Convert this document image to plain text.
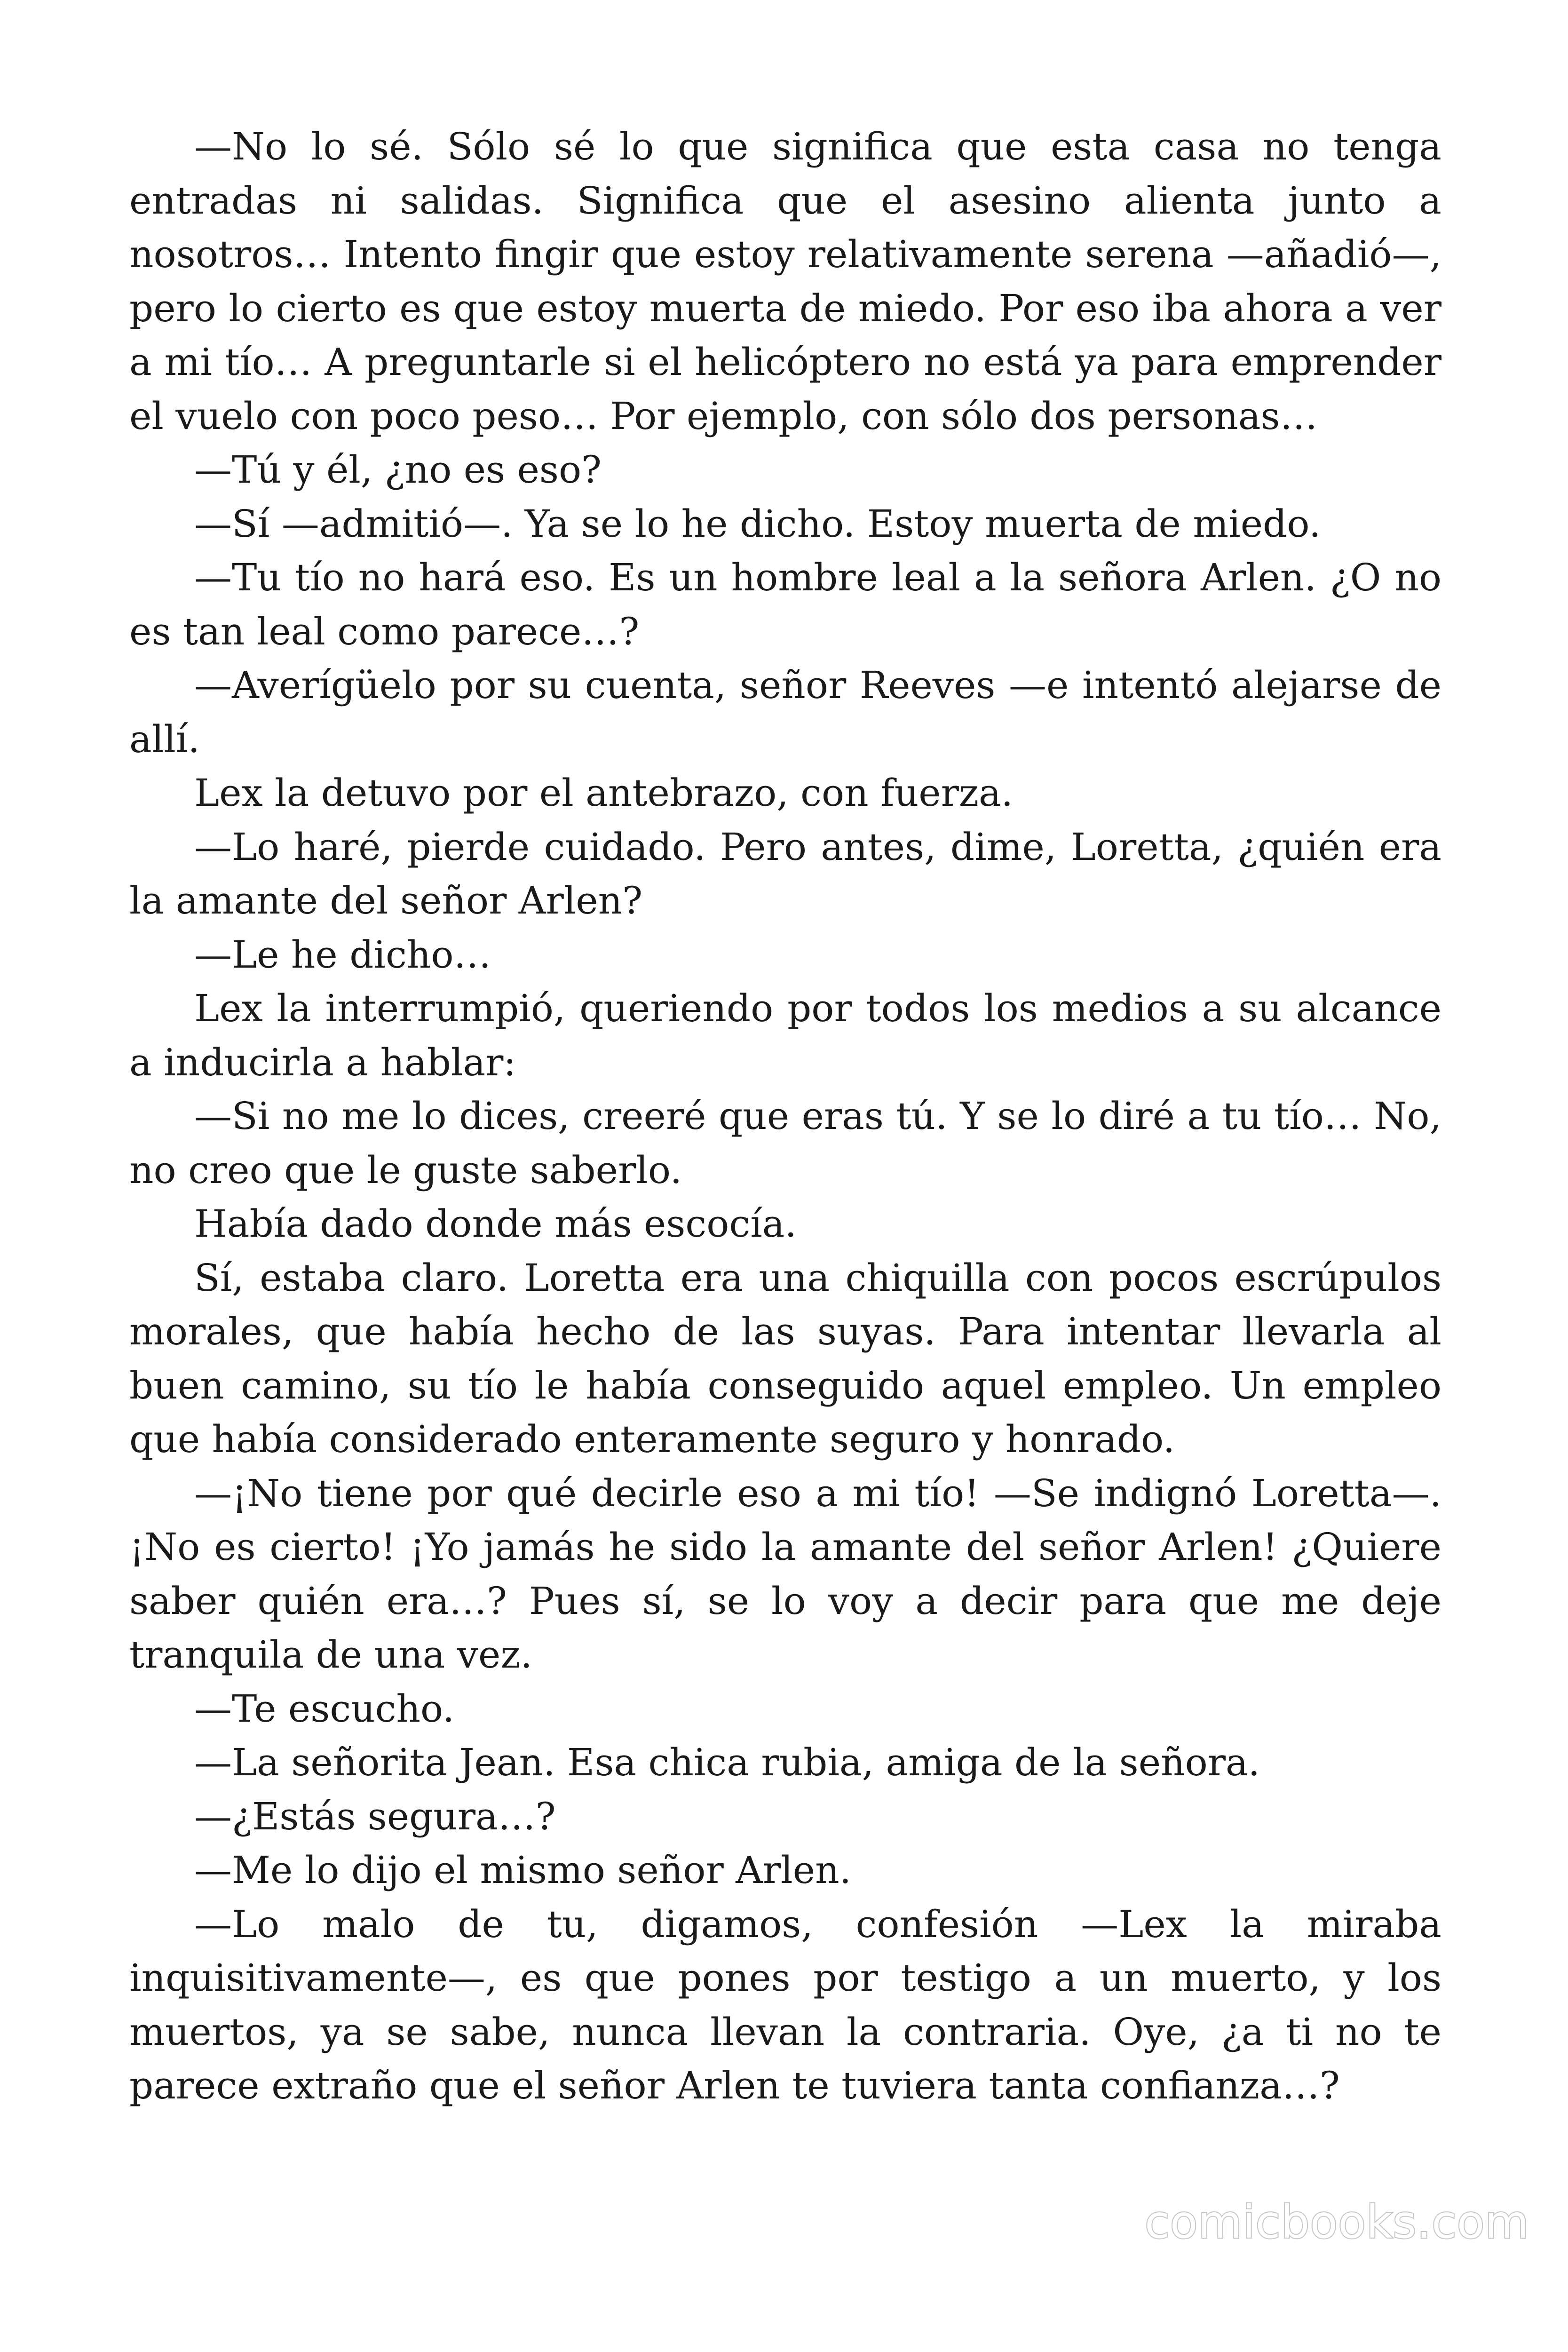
—No lo sé. Sólo sé lo que significa que esta casa no tenga entradas ni salidas. Significa que el asesino alienta junto a nosotros… Intento fingir que estoy relativamente serena —añadió—, pero lo cierto es que estoy muerta de miedo. Por eso iba ahora a ver a mi tío… A preguntarle si el helicóptero no está ya para emprender el vuelo con poco peso… Por ejemplo, con sólo dos personas…

—Tú y él, ¿no es eso?

—Sí —admitió—. Ya se lo he dicho. Estoy muerta de miedo.

—Tu tío no hará eso. Es un hombre leal a la señora Arlen. ¿O no es tan leal como parece…?

—Averígüelo por su cuenta, señor Reeves —e intentó alejarse de allí.

Lex la detuvo por el antebrazo, con fuerza.

—Lo haré, pierde cuidado. Pero antes, dime, Loretta, ¿quién era la amante del señor Arlen?

—Le he dicho…

Lex la interrumpió, queriendo por todos los medios a su alcance a inducirla a hablar:

—Si no me lo dices, creeré que eras tú. Y se lo diré a tu tío… No, no creo que le guste saberlo.

Había dado donde más escocía.

Sí, estaba claro. Loretta era una chiquilla con pocos escrúpulos morales, que había hecho de las suyas. Para intentar llevarla al buen camino, su tío le había conseguido aquel empleo. Un empleo que había considerado enteramente seguro y honrado.

—¡No tiene por qué decirle eso a mi tío! —Se indignó Loretta—. ¡No es cierto! ¡Yo jamás he sido la amante del señor Arlen! ¿Quiere saber quién era…? Pues sí, se lo voy a decir para que me deje tranquila de una vez.

—Te escucho.

—La señorita Jean. Esa chica rubia, amiga de la señora.

—¿Estás segura…?

—Me lo dijo el mismo señor Arlen.

—Lo malo de tu, digamos, confesión —Lex la miraba inquisitivamente—, es que pones por testigo a un muerto, y los muertos, ya se sabe, nunca llevan la contraria. Oye, ¿a ti no te parece extraño que el señor Arlen te tuviera tanta confianza…?

comicbooks.com
